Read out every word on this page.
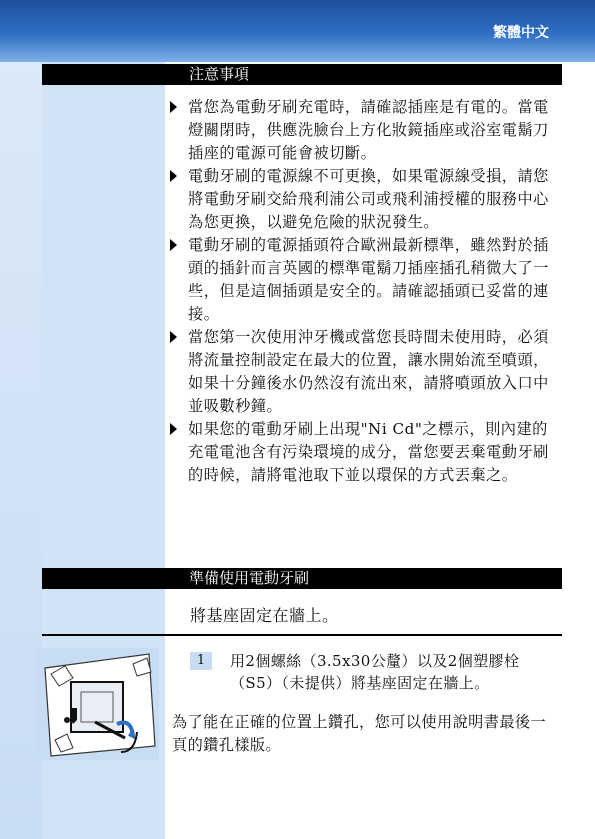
繁體中文
注意事項
當您為電動牙刷充電時，請確認插座是有電的。當電燈關閉時，供應洗臉台上方化妝鏡插座或浴室電鬍刀插座的電源可能會被切斷。
電動牙刷的電源線不可更換，如果電源線受損，請您將電動牙刷交給飛利浦公司或飛利浦授權的服務中心為您更換，以避免危險的狀況發生。
電動牙刷的電源插頭符合歐洲最新標準，雖然對於插頭的插針而言英國的標準電鬍刀插座插孔稍微大了一些，但是這個插頭是安全的。請確認插頭已妥當的連接。
當您第一次使用沖牙機或當您長時間未使用時，必須將流量控制設定在最大的位置，讓水開始流至噴頭，如果十分鐘後水仍然沒有流出來，請將噴頭放入口中並吸數秒鐘。
如果您的電動牙刷上出現"Ni Cd"之標示，則內建的充電電池含有污染環境的成分，當您要丟棄電動牙刷的時候，請將電池取下並以環保的方式丟棄之。
準備使用電動牙刷
將基座固定在牆上。
1	用2個螺絲（3.5x30公釐）以及2個塑膠栓（S5）（未提供）將基座固定在牆上。
為了能在正確的位置上鑽孔，您可以使用說明書最後一頁的鑽孔樣版。
